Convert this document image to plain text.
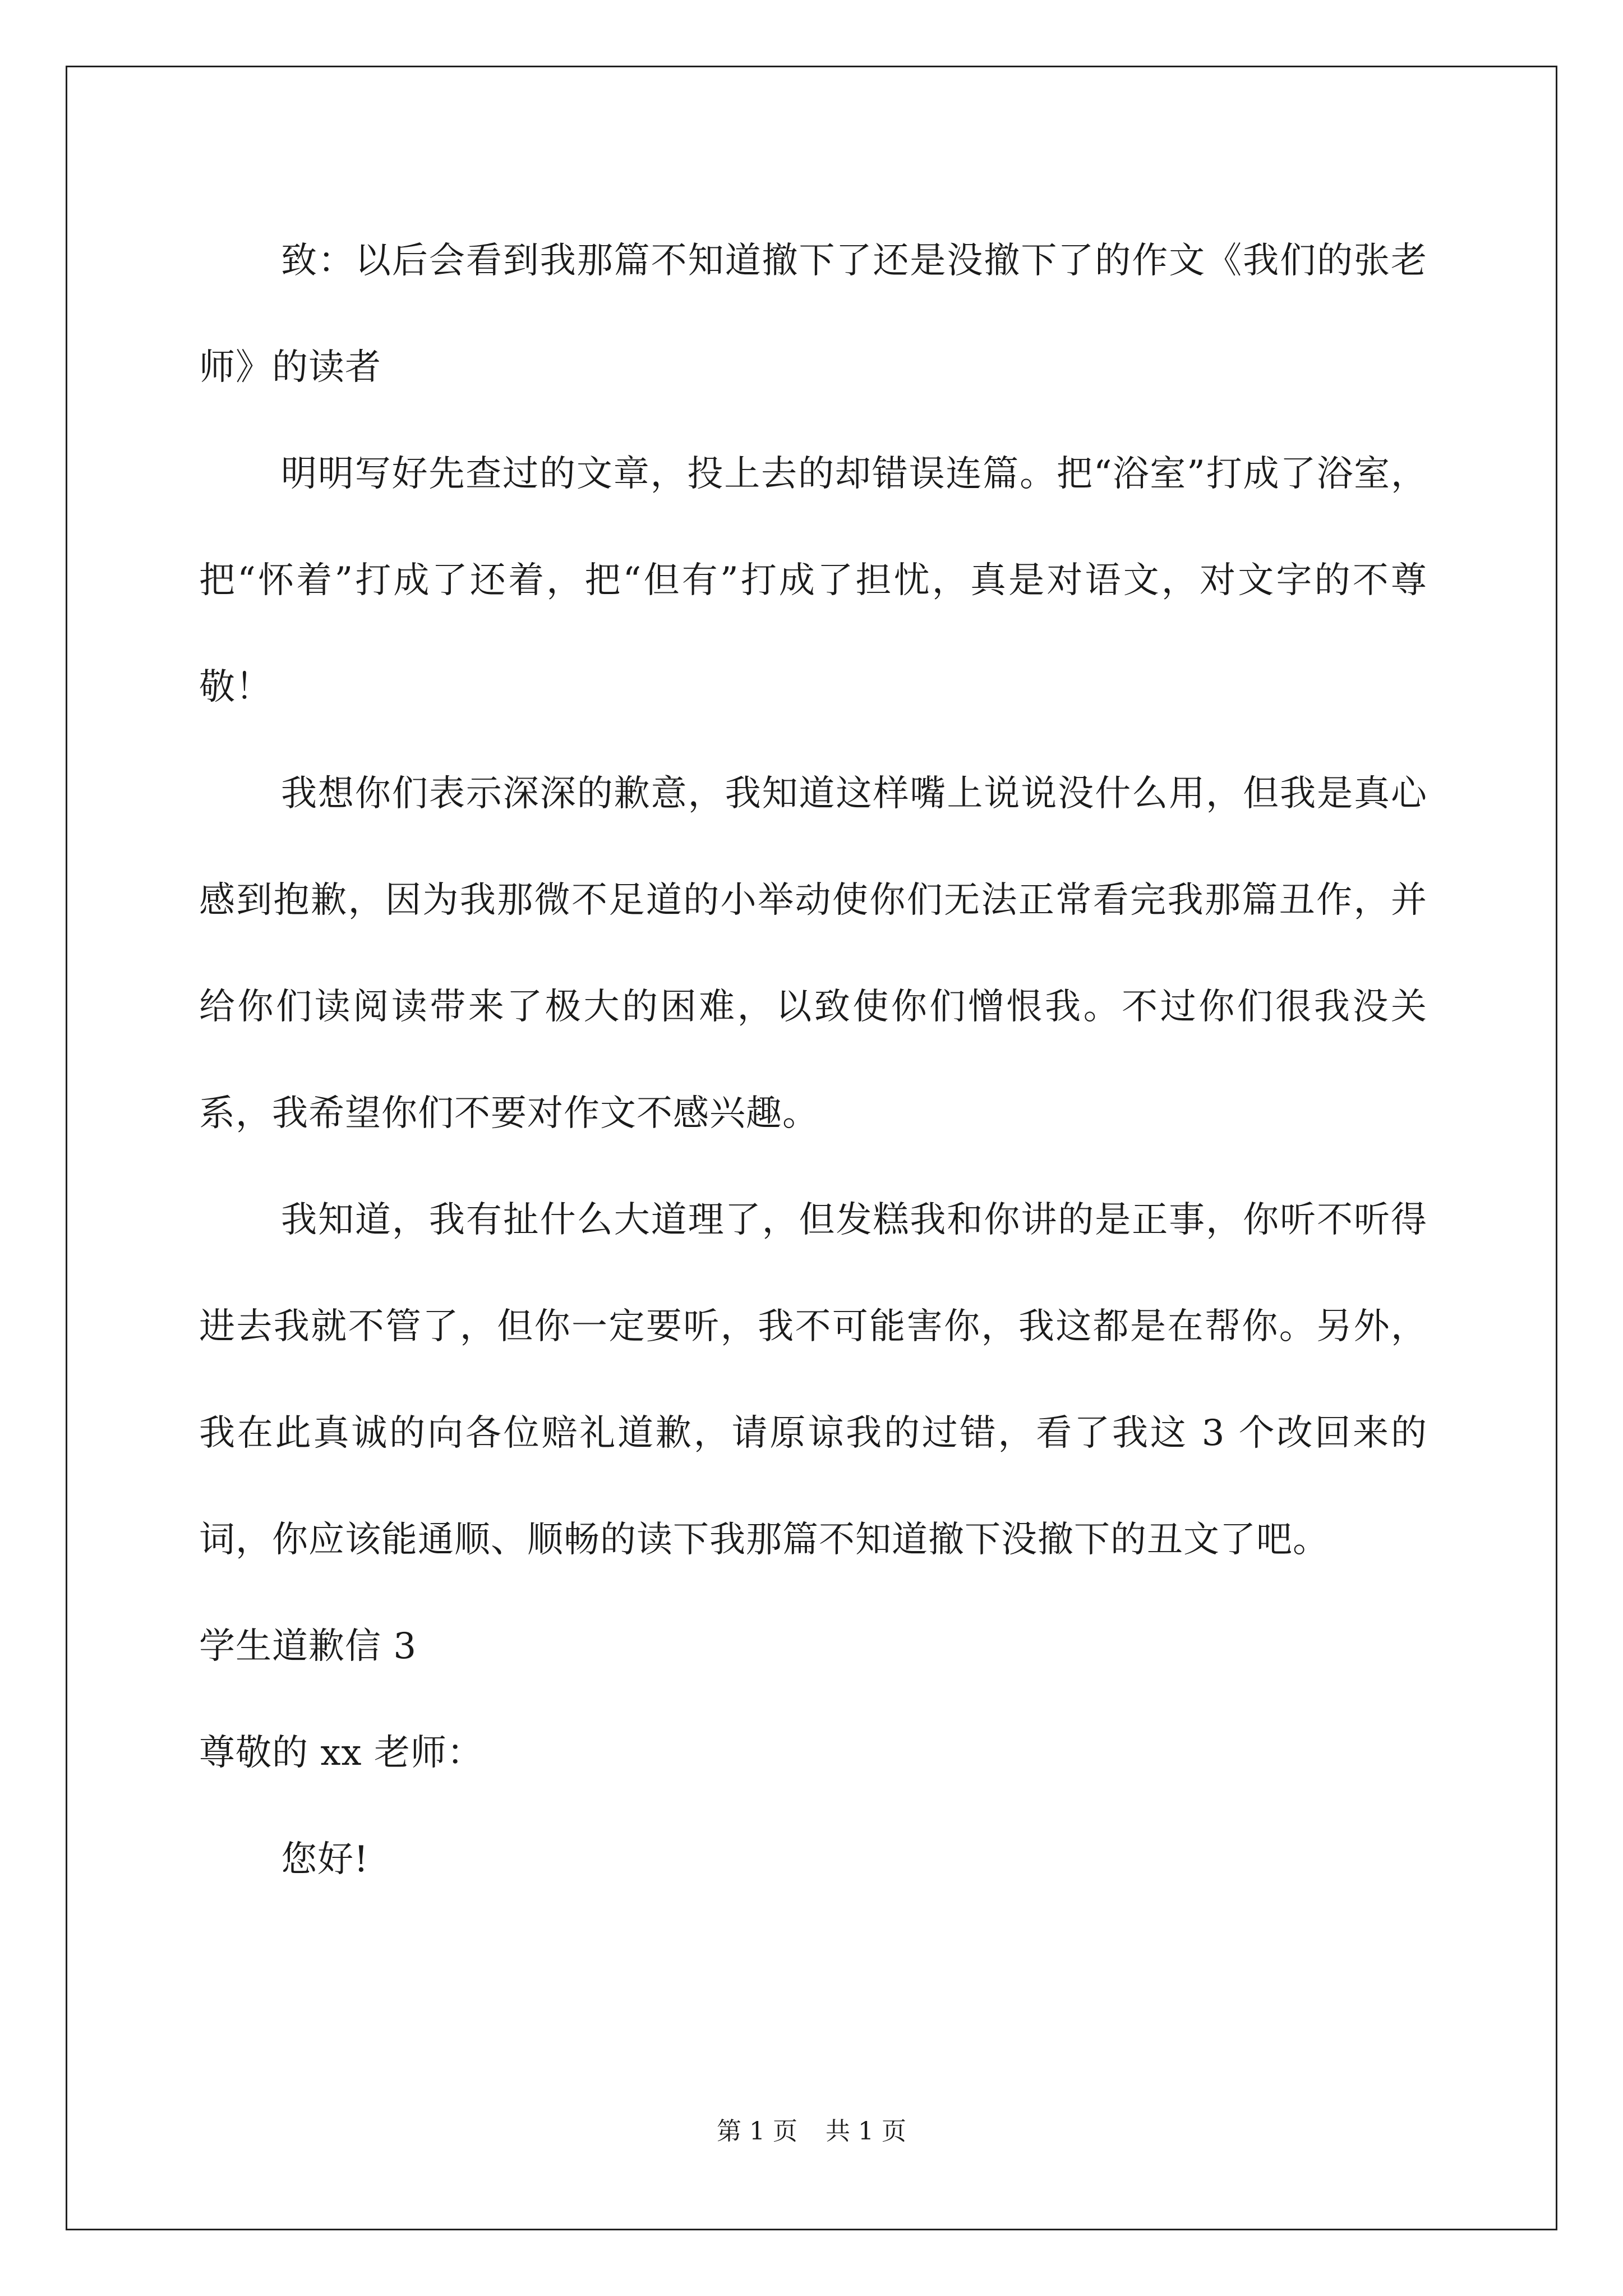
致：以后会看到我那篇不知道撤下了还是没撤下了的作文《我们的张老师》的读者

明明写好先查过的文章，投上去的却错误连篇。把“浴室”打成了浴室，把“怀着”打成了还着，把“但有”打成了担忧，真是对语文，对文字的不尊敬！

我想你们表示深深的歉意，我知道这样嘴上说说没什么用，但我是真心感到抱歉，因为我那微不足道的小举动使你们无法正常看完我那篇丑作，并给你们读阅读带来了极大的困难，以致使你们憎恨我。不过你们很我没关系，我希望你们不要对作文不感兴趣。

我知道，我有扯什么大道理了，但发糕我和你讲的是正事，你听不听得进去我就不管了，但你一定要听，我不可能害你，我这都是在帮你。另外，我在此真诚的向各位赔礼道歉，请原谅我的过错，看了我这 3 个改回来的词，你应该能通顺、顺畅的读下我那篇不知道撤下没撤下的丑文了吧。

学生道歉信 3

尊敬的 xx 老师：

您好!

第 1 页 共 1 页
